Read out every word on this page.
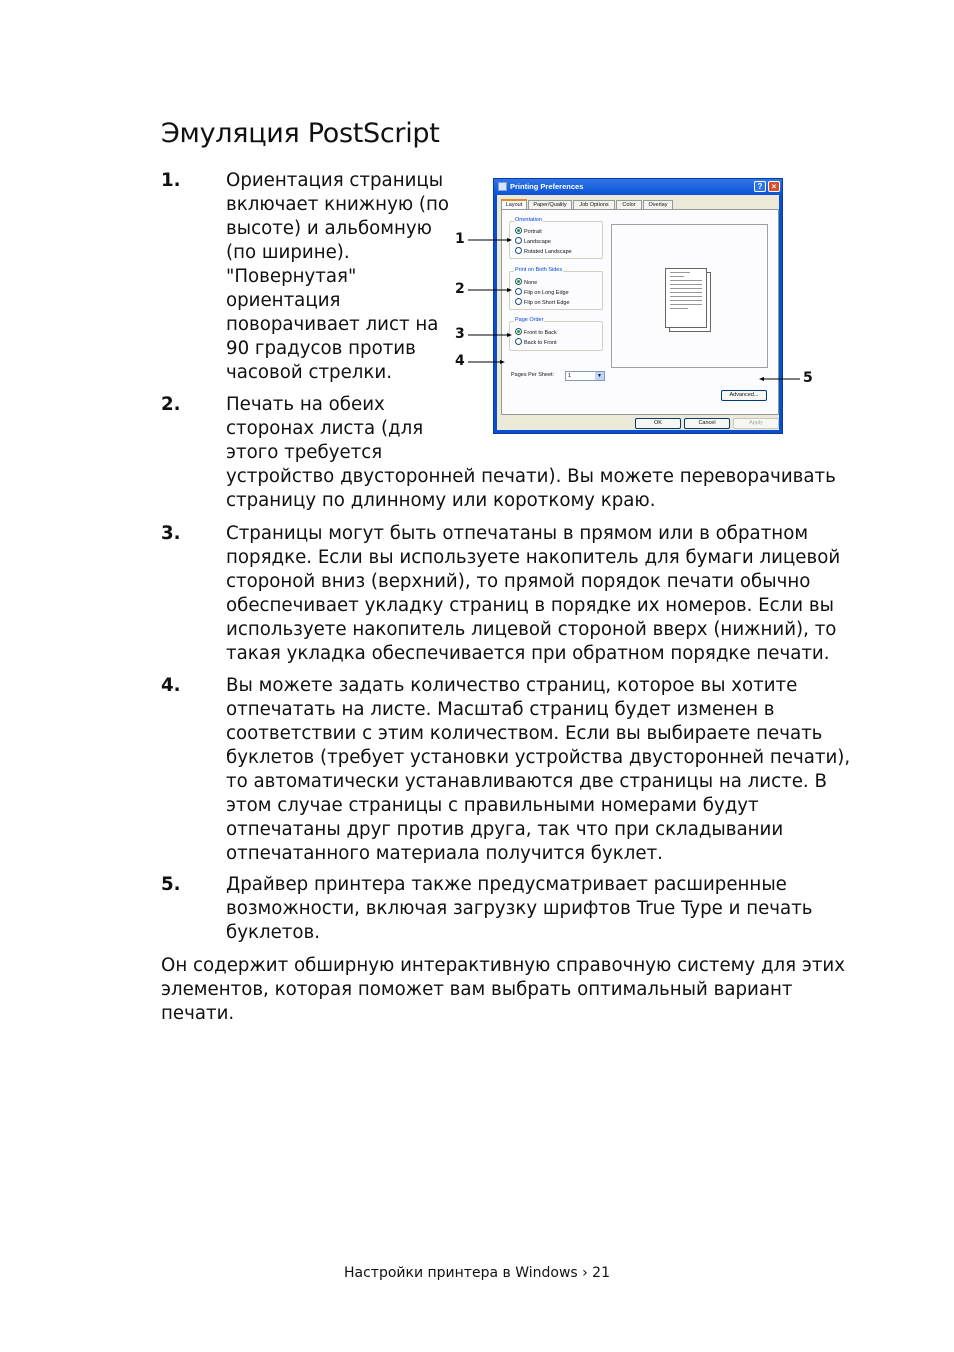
Эмуляция PostScript
1. Ориентация страницы
включает книжную (по
высоте) и альбомную
(по ширине).
"Повернутая"
ориентация
поворачивает лист на
90 градусов против
часовой стрелки.
2. Печать на обеих
сторонах листа (для
этого требуется
устройство двусторонней печати). Вы можете переворачивать
страницу по длинному или короткому краю.
3. Страницы могут быть отпечатаны в прямом или в обратном
порядке. Если вы используете накопитель для бумаги лицевой
стороной вниз (верхний), то прямой порядок печати обычно
обеспечивает укладку страниц в порядке их номеров. Если вы
используете накопитель лицевой стороной вверх (нижний), то
такая укладка обеспечивается при обратном порядке печати.
4. Вы можете задать количество страниц, которое вы хотите
отпечатать на листе. Масштаб страниц будет изменен в
соответствии с этим количеством. Если вы выбираете печать
буклетов (требует установки устройства двусторонней печати),
то автоматически устанавливаются две страницы на листе. В
этом случае страницы с правильными номерами будут
отпечатаны друг против друга, так что при складывании
отпечатанного материала получится буклет.
5. Драйвер принтера также предусматривает расширенные
возможности, включая загрузку шрифтов True Type и печать
буклетов.
Он содержит обширную интерактивную справочную систему для этих
элементов, которая поможет вам выбрать оптимальный вариант
печати.
Printing Preferences	?	×
Layout	Paper/Quality	Job Options	Color	Overlay
Orientation
Portrait
Landscape
Rotated Landscape
Print on Both Sides
None
Flip on Long Edge
Flip on Short Edge
Page Order
Front to Back
Back to Front
Pages Per Sheet:	1	▼
Advanced...
OK	Cancel	Apply
1
2
3
4
5
Настройки принтера в Windows › 21
